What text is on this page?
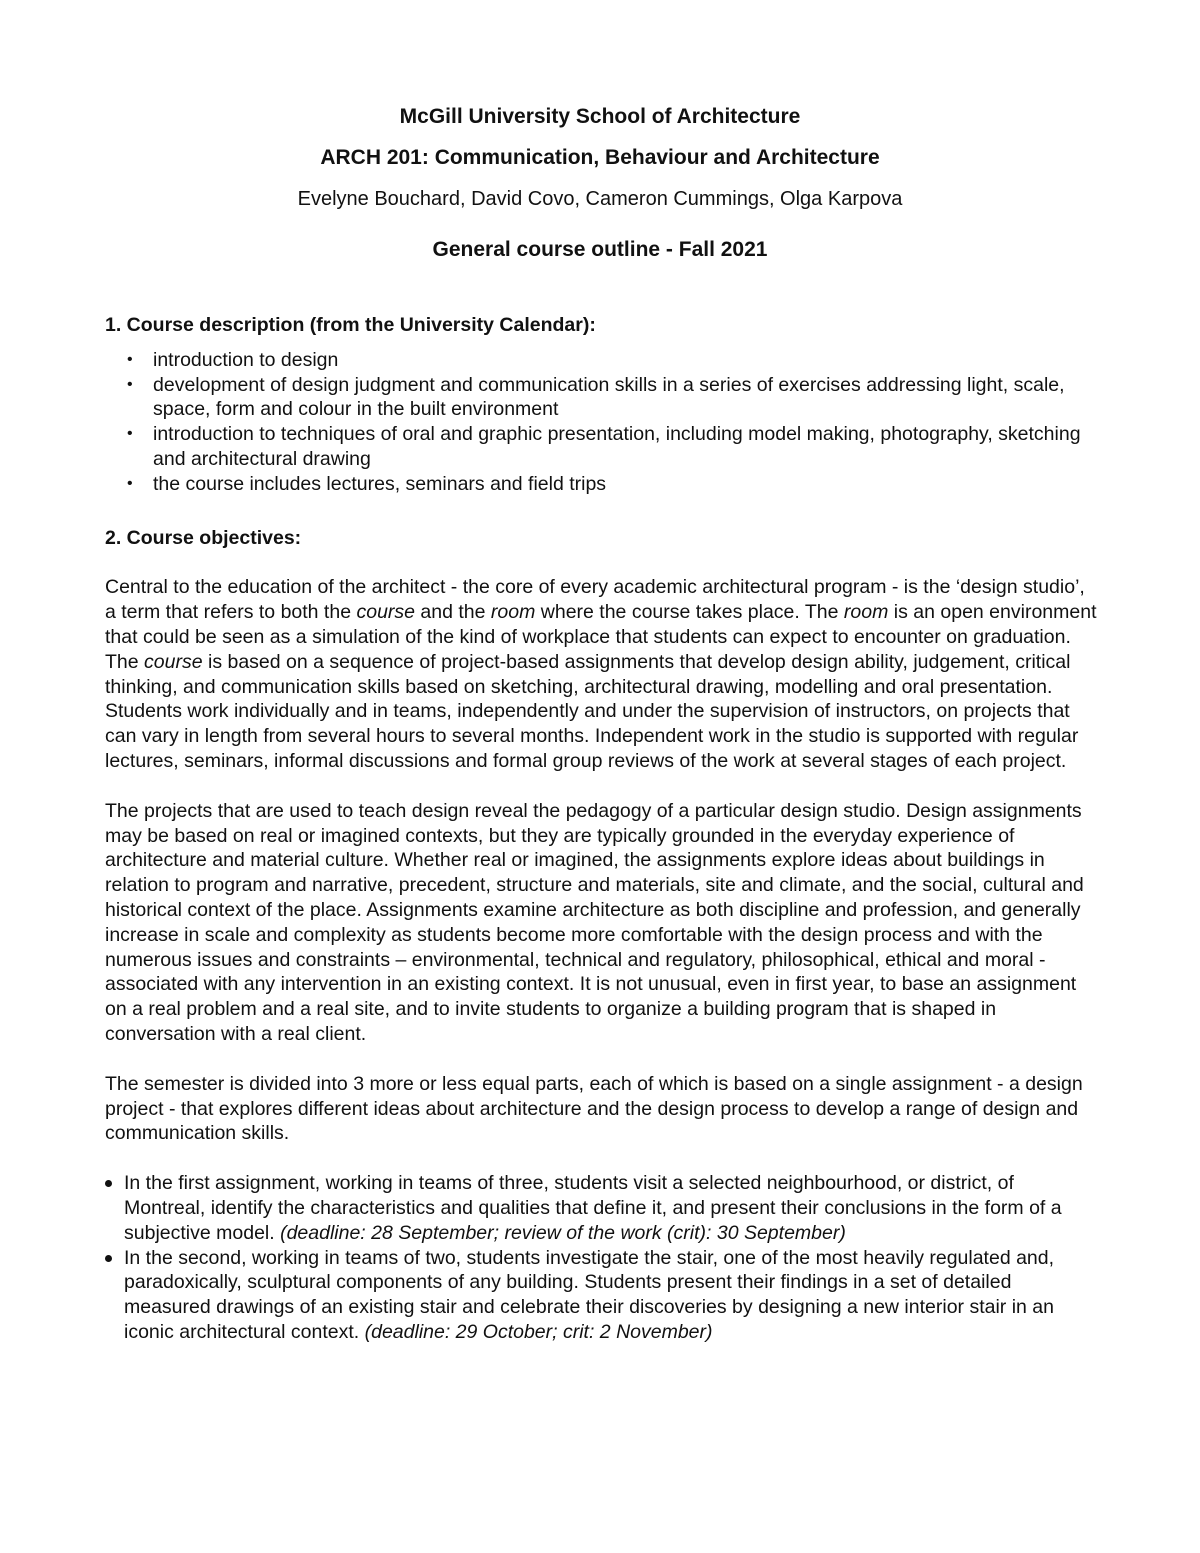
McGill University School of Architecture
ARCH 201: Communication, Behaviour and Architecture
Evelyne Bouchard, David Covo, Cameron Cummings, Olga Karpova
General course outline - Fall 2021

1. Course description (from the University Calendar):

• introduction to design
• development of design judgment and communication skills in a series of exercises addressing light, scale, space, form and colour in the built environment
• introduction to techniques of oral and graphic presentation, including model making, photography, sketching and architectural drawing
• the course includes lectures, seminars and field trips

2. Course objectives:

Central to the education of the architect - the core of every academic architectural program - is the ‘design studio’, a term that refers to both the course and the room where the course takes place. The room is an open environment that could be seen as a simulation of the kind of workplace that students can expect to encounter on graduation. The course is based on a sequence of project-based assignments that develop design ability, judgement, critical thinking, and communication skills based on sketching, architectural drawing, modelling and oral presentation. Students work individually and in teams, independently and under the supervision of instructors, on projects that can vary in length from several hours to several months. Independent work in the studio is supported with regular lectures, seminars, informal discussions and formal group reviews of the work at several stages of each project.

The projects that are used to teach design reveal the pedagogy of a particular design studio. Design assignments may be based on real or imagined contexts, but they are typically grounded in the everyday experience of architecture and material culture. Whether real or imagined, the assignments explore ideas about buildings in relation to program and narrative, precedent, structure and materials, site and climate, and the social, cultural and historical context of the place. Assignments examine architecture as both discipline and profession, and generally increase in scale and complexity as students become more comfortable with the design process and with the numerous issues and constraints – environmental, technical and regulatory, philosophical, ethical and moral - associated with any intervention in an existing context. It is not unusual, even in first year, to base an assignment on a real problem and a real site, and to invite students to organize a building program that is shaped in conversation with a real client.

The semester is divided into 3 more or less equal parts, each of which is based on a single assignment - a design project - that explores different ideas about architecture and the design process to develop a range of design and communication skills.

In the first assignment, working in teams of three, students visit a selected neighbourhood, or district, of Montreal, identify the characteristics and qualities that define it, and present their conclusions in the form of a subjective model. (deadline: 28 September; review of the work (crit): 30 September)
In the second, working in teams of two, students investigate the stair, one of the most heavily regulated and, paradoxically, sculptural components of any building. Students present their findings in a set of detailed measured drawings of an existing stair and celebrate their discoveries by designing a new interior stair in an iconic architectural context. (deadline: 29 October; crit: 2 November)
